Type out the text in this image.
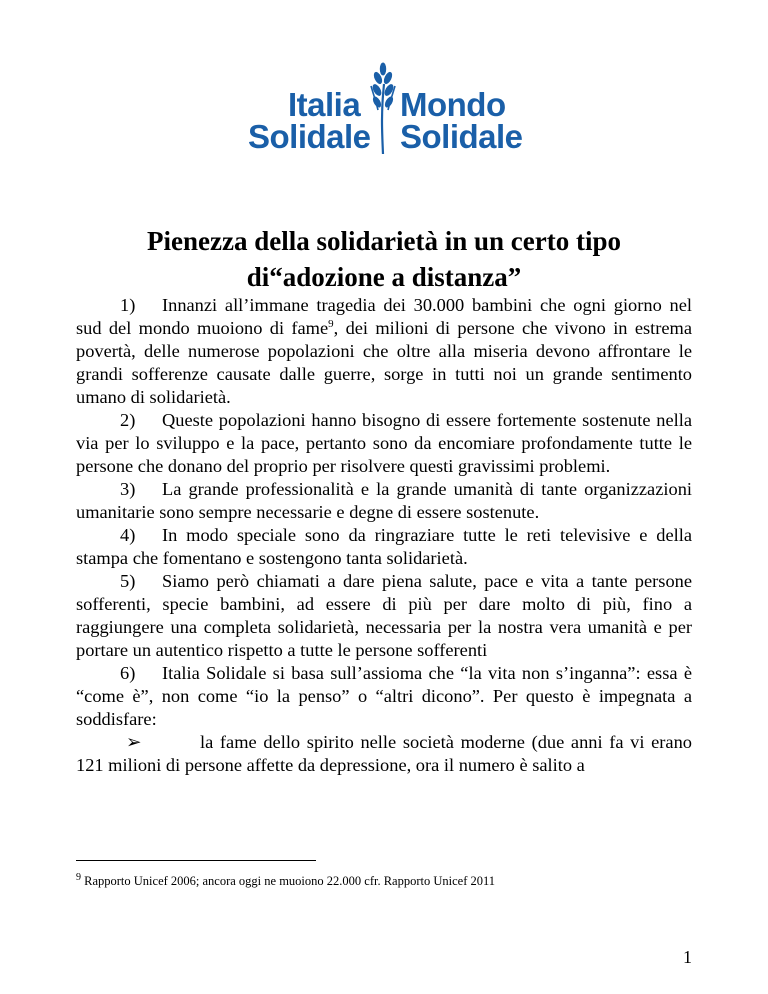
Italia
Solidale
Mondo
Solidale
Pienezza della solidarietà in un certo tipo
di“adozione a distanza”

1) Innanzi all’immane tragedia dei 30.000 bambini che ogni giorno nel sud del mondo muoiono di fame$^9$, dei milioni di persone che vivono in estrema povertà, delle numerose popolazioni che oltre alla miseria devono affrontare le grandi sofferenze causate dalle guerre, sorge in tutti noi un grande sentimento umano di solidarietà.

2) Queste popolazioni hanno bisogno di essere fortemente sostenute nella via per lo sviluppo e la pace, pertanto sono da encomiare profondamente tutte le persone che donano del proprio per risolvere questi gravissimi problemi.

3) La grande professionalità e la grande umanità di tante organizzazioni umanitarie sono sempre necessarie e degne di essere sostenute.

4) In modo speciale sono da ringraziare tutte le reti televisive e della stampa che fomentano e sostengono tanta solidarietà.

5) Siamo però chiamati a dare piena salute, pace e vita a tante persone sofferenti, specie bambini, ad essere di più per dare molto di più, fino a raggiungere una completa solidarietà, necessaria per la nostra vera umanità e per portare un autentico rispetto a tutte le persone sofferenti

6) Italia Solidale si basa sull’assioma che “la vita non s’inganna”: essa è “come è”, non come “io la penso” o “altri dicono”. Per questo è impegnata a soddisfare:

➢	la fame dello spirito nelle società moderne (due anni fa vi erano 121 milioni di persone affette da depressione, ora il numero è salito a

$^9$ Rapporto Unicef 2006; ancora oggi ne muoiono 22.000 cfr. Rapporto Unicef 2011
1
